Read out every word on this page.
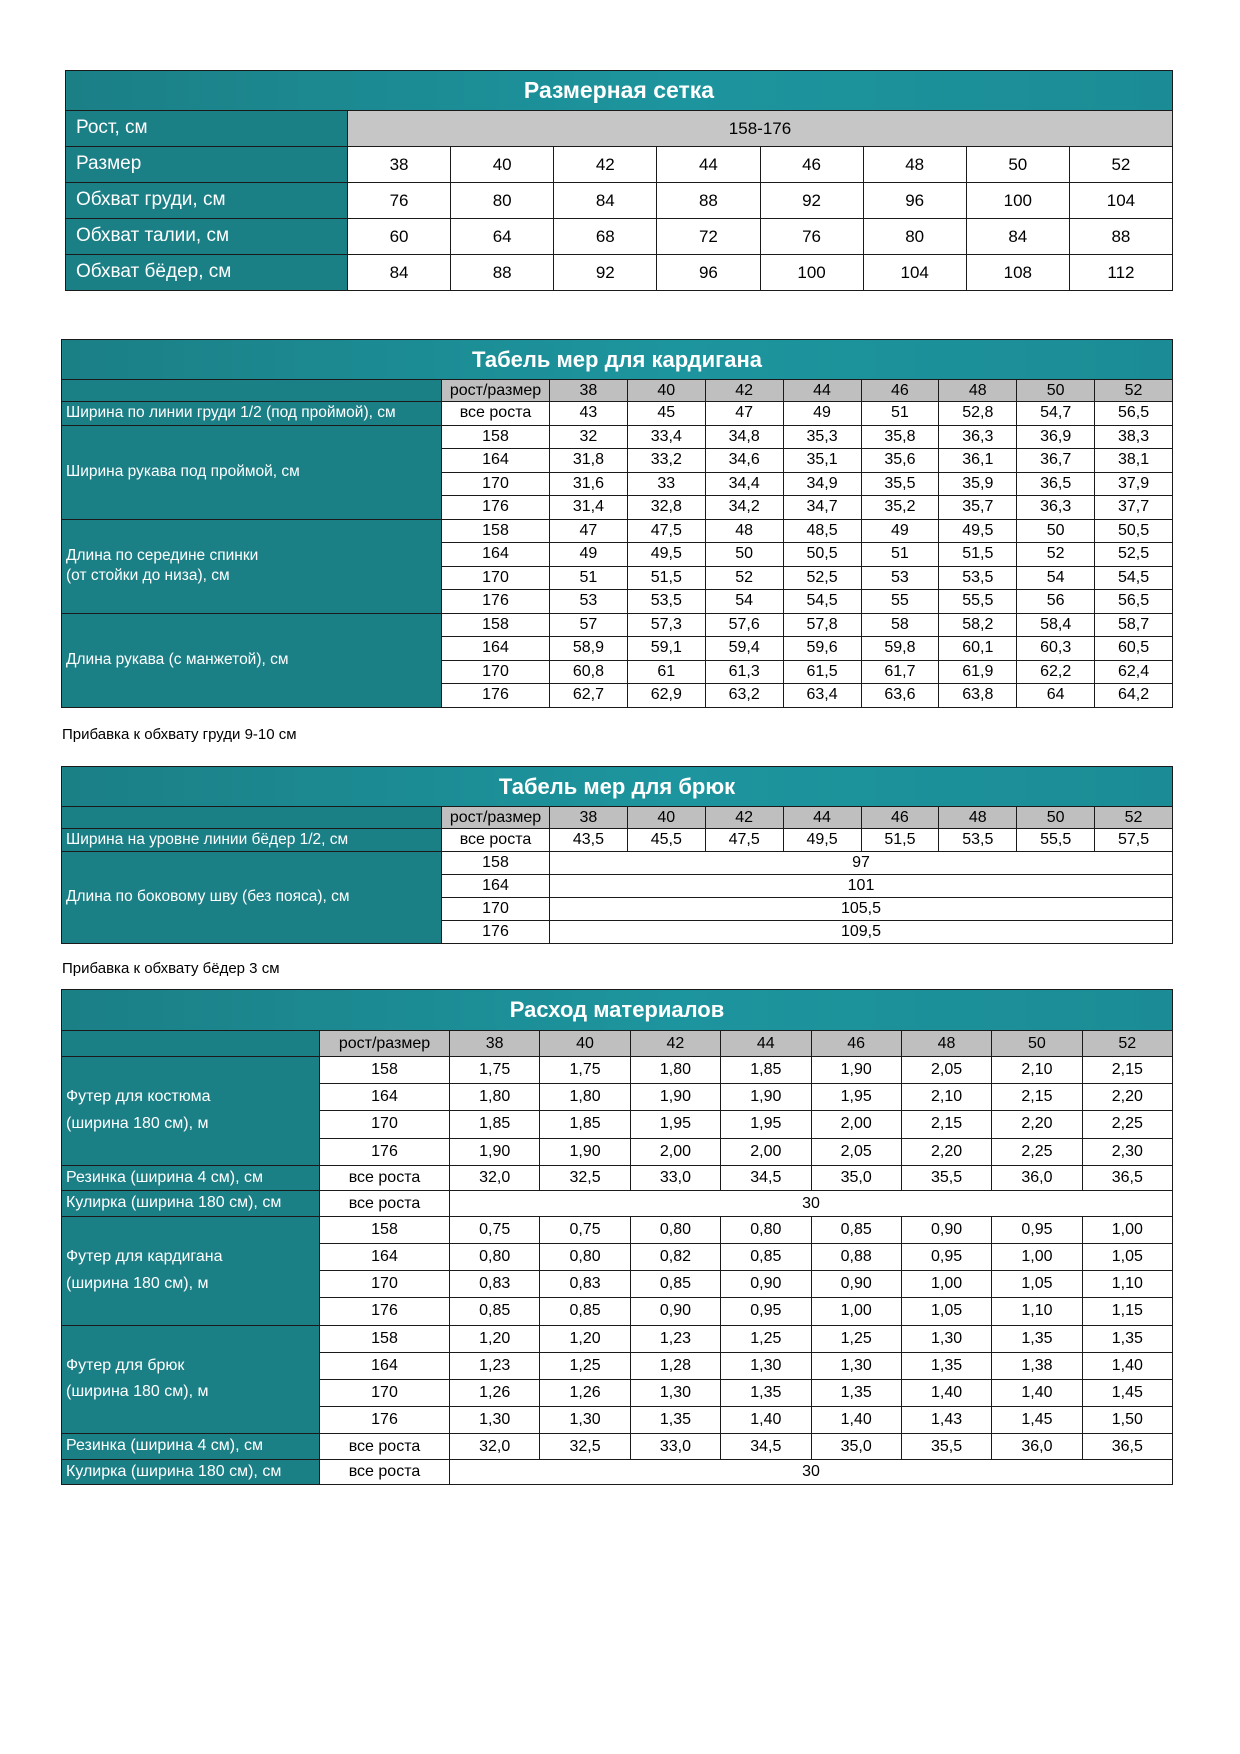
Размерная сетка								
Рост, см	158-176							
Размер	38	40	42	44	46	48	50	52
Обхват груди, см	76	80	84	88	92	96	100	104
Обхват талии, см	60	64	68	72	76	80	84	88
Обхват бёдер, см	84	88	92	96	100	104	108	112
Табель мер для кардигана									
	рост/размер	38	40	42	44	46	48	50	52
Ширина по линии груди 1/2 (под проймой), см	все роста	43	45	47	49	51	52,8	54,7	56,5
Ширина рукава под проймой, см	158	32	33,4	34,8	35,3	35,8	36,3	36,9	38,3
	164	31,8	33,2	34,6	35,1	35,6	36,1	36,7	38,1
	170	31,6	33	34,4	34,9	35,5	35,9	36,5	37,9
	176	31,4	32,8	34,2	34,7	35,2	35,7	36,3	37,7
Длина по середине спинки
(от стойки до низа), см	158	47	47,5	48	48,5	49	49,5	50	50,5
	164	49	49,5	50	50,5	51	51,5	52	52,5
	170	51	51,5	52	52,5	53	53,5	54	54,5
	176	53	53,5	54	54,5	55	55,5	56	56,5
Длина рукава (с манжетой), см	158	57	57,3	57,6	57,8	58	58,2	58,4	58,7
	164	58,9	59,1	59,4	59,6	59,8	60,1	60,3	60,5
	170	60,8	61	61,3	61,5	61,7	61,9	62,2	62,4
	176	62,7	62,9	63,2	63,4	63,6	63,8	64	64,2
Прибавка к обхвату груди 9-10 см
Табель мер для брюк									
	рост/размер	38	40	42	44	46	48	50	52
Ширина на уровне линии бёдер 1/2, см	все роста	43,5	45,5	47,5	49,5	51,5	53,5	55,5	57,5
Длина по боковому шву (без пояса), см	158	97							
	164	101							
	170	105,5							
	176	109,5							
Прибавка к обхвату бёдер 3 см
Расход материалов									
	рост/размер	38	40	42	44	46	48	50	52
Футер для костюма
(ширина 180 см), м	158	1,75	1,75	1,80	1,85	1,90	2,05	2,10	2,15
	164	1,80	1,80	1,90	1,90	1,95	2,10	2,15	2,20
	170	1,85	1,85	1,95	1,95	2,00	2,15	2,20	2,25
	176	1,90	1,90	2,00	2,00	2,05	2,20	2,25	2,30
Резинка (ширина 4 см), см	все роста	32,0	32,5	33,0	34,5	35,0	35,5	36,0	36,5
Кулирка (ширина 180 см), см	все роста	30							
Футер для кардигана
(ширина 180 см), м	158	0,75	0,75	0,80	0,80	0,85	0,90	0,95	1,00
	164	0,80	0,80	0,82	0,85	0,88	0,95	1,00	1,05
	170	0,83	0,83	0,85	0,90	0,90	1,00	1,05	1,10
	176	0,85	0,85	0,90	0,95	1,00	1,05	1,10	1,15
Футер для брюк
(ширина 180 см), м	158	1,20	1,20	1,23	1,25	1,25	1,30	1,35	1,35
	164	1,23	1,25	1,28	1,30	1,30	1,35	1,38	1,40
	170	1,26	1,26	1,30	1,35	1,35	1,40	1,40	1,45
	176	1,30	1,30	1,35	1,40	1,40	1,43	1,45	1,50
Резинка (ширина 4 см), см	все роста	32,0	32,5	33,0	34,5	35,0	35,5	36,0	36,5
Кулирка (ширина 180 см), см	все роста	30							
